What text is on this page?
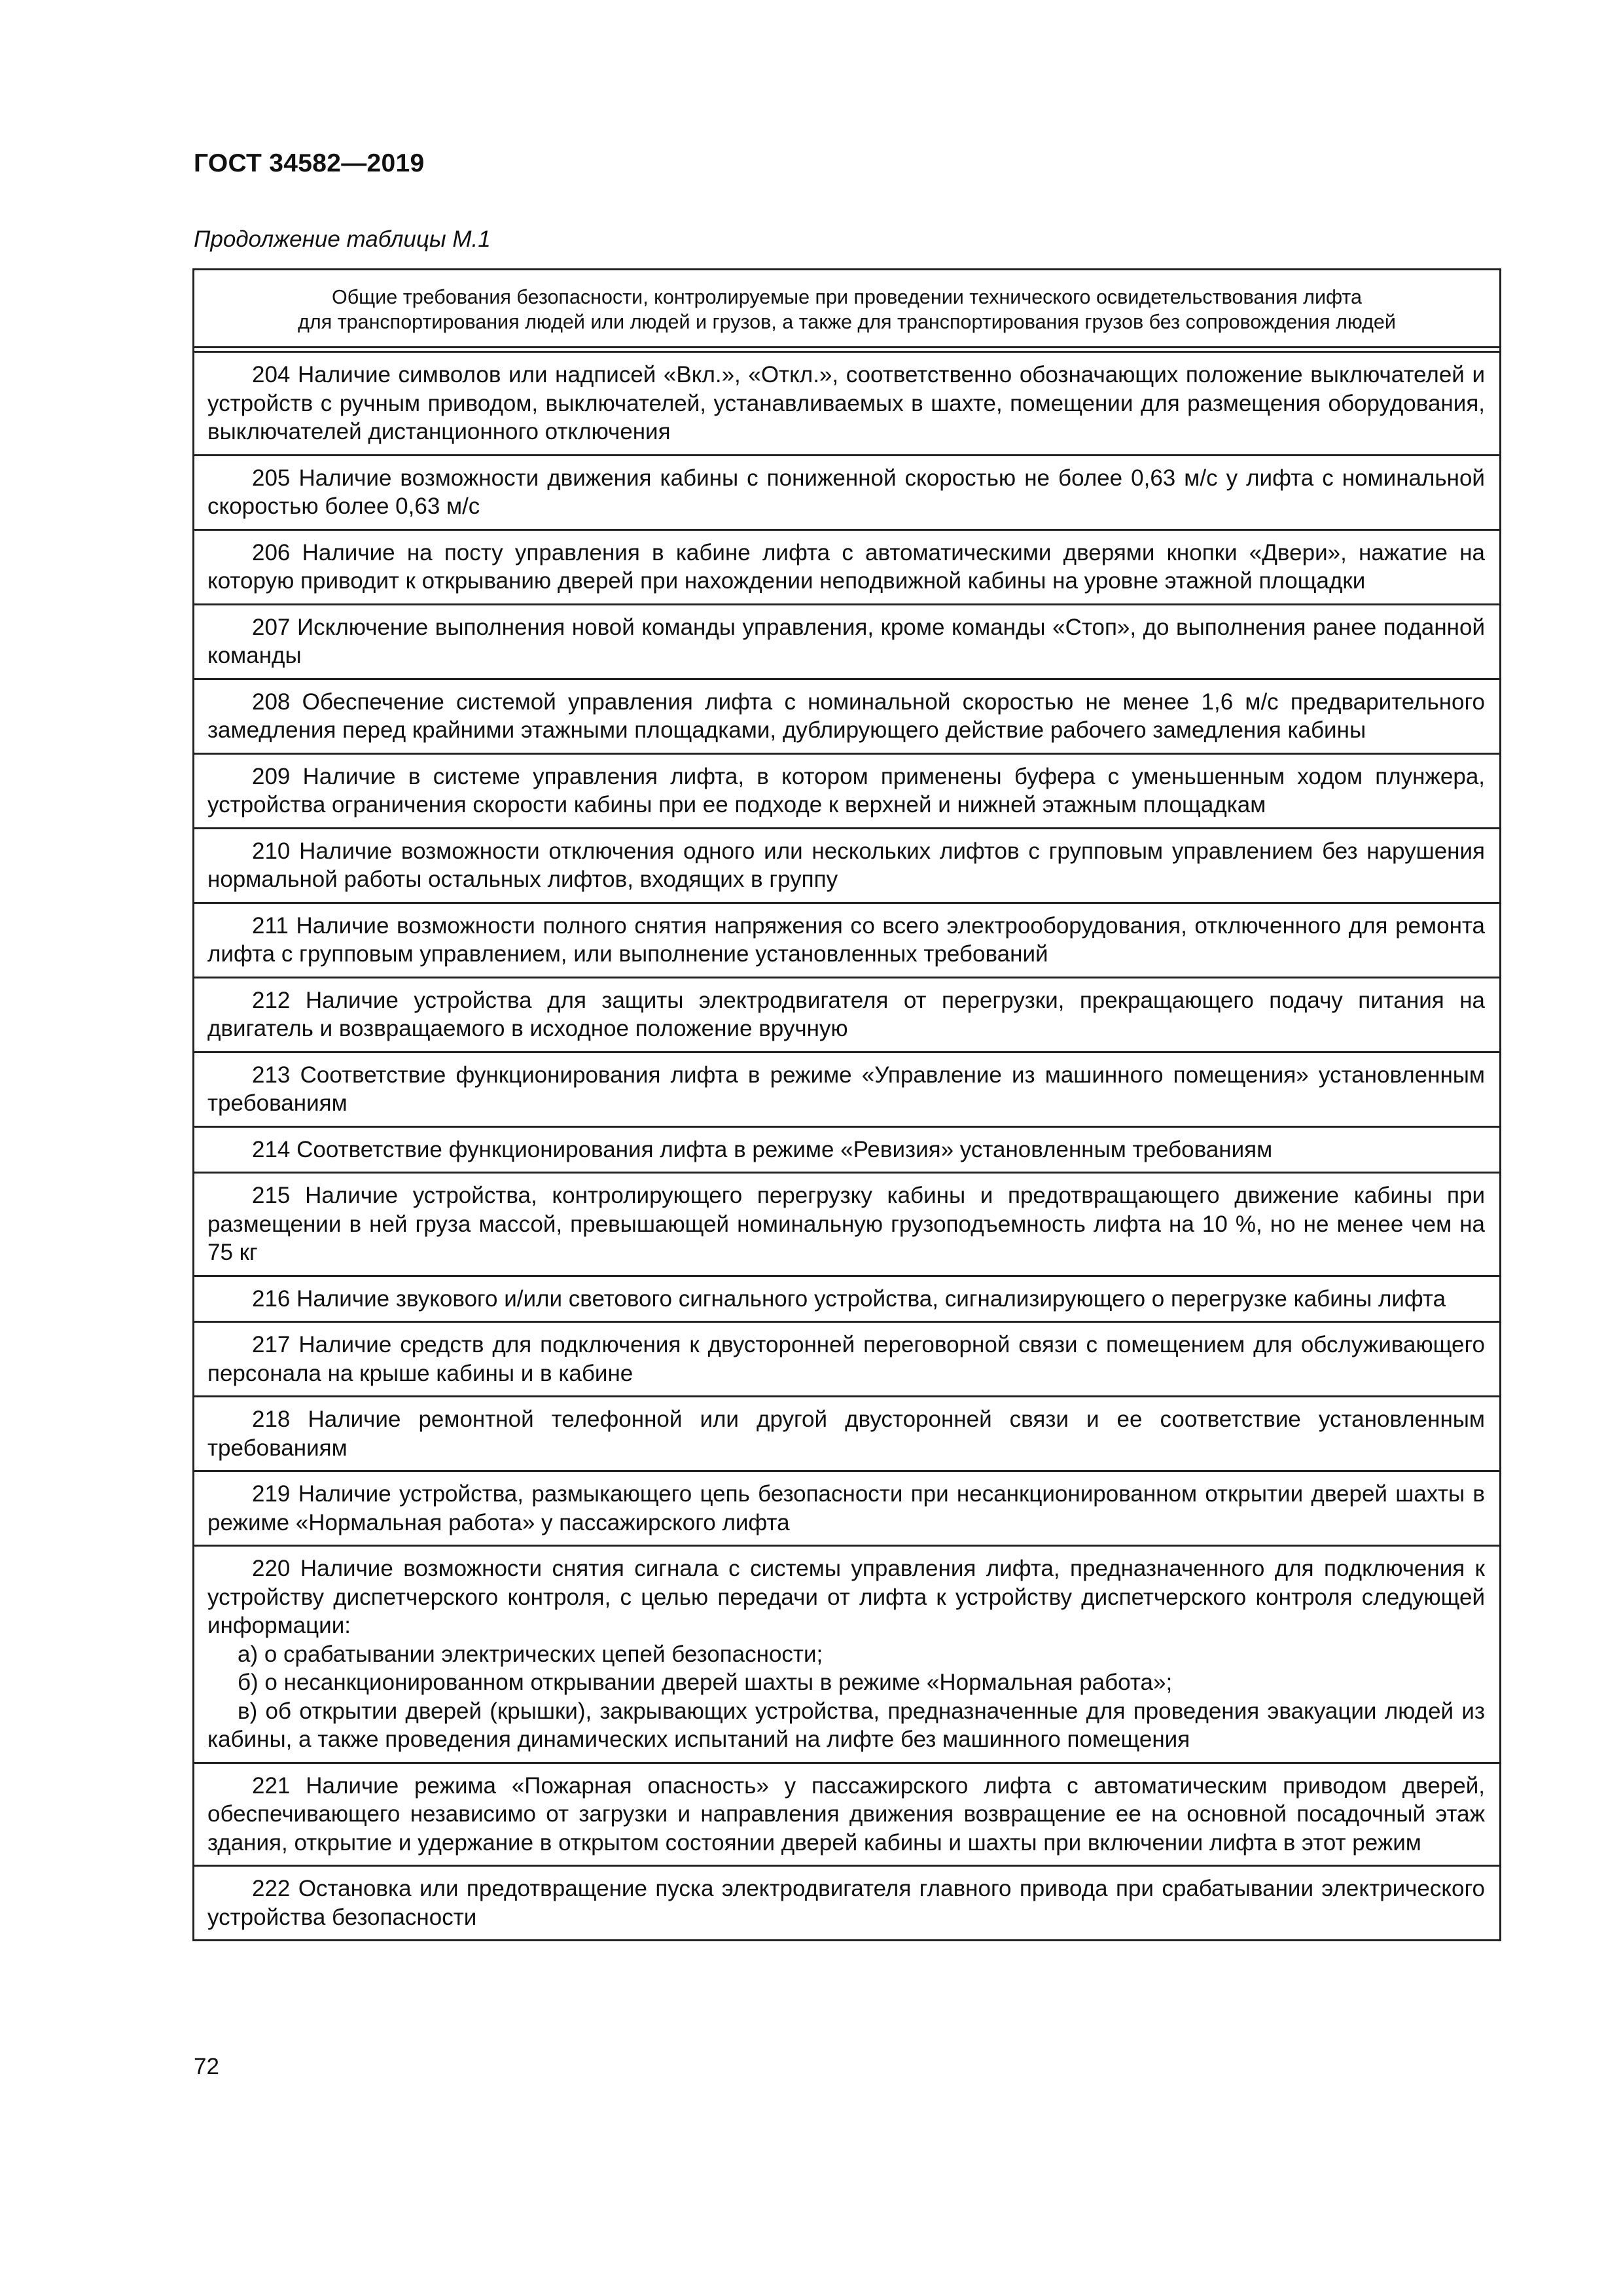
ГОСТ 34582—2019
Продолжение таблицы М.1
Общие требования безопасности, контролируемые при проведении технического освидетельствования лифта
для транспортирования людей или людей и грузов, а также для транспортирования грузов без сопровождения людей
204 Наличие символов или надписей «Вкл.», «Откл.», соответственно обозначающих положение выключателей и устройств с ручным приводом, выключателей, устанавливаемых в шахте, помещении для размещения оборудования, выключателей дистанционного отключения
205 Наличие возможности движения кабины с пониженной скоростью не более 0,63 м/с у лифта с номинальной скоростью более 0,63 м/с
206 Наличие на посту управления в кабине лифта с автоматическими дверями кнопки «Двери», нажатие на которую приводит к открыванию дверей при нахождении неподвижной кабины на уровне этажной площадки
207 Исключение выполнения новой команды управления, кроме команды «Стоп», до выполнения ранее поданной команды
208 Обеспечение системой управления лифта с номинальной скоростью не менее 1,6 м/с предварительного замедления перед крайними этажными площадками, дублирующего действие рабочего замедления кабины
209 Наличие в системе управления лифта, в котором применены буфера с уменьшенным ходом плунжера, устройства ограничения скорости кабины при ее подходе к верхней и нижней этажным площадкам
210 Наличие возможности отключения одного или нескольких лифтов с групповым управлением без нарушения нормальной работы остальных лифтов, входящих в группу
211 Наличие возможности полного снятия напряжения со всего электрооборудования, отключенного для ремонта лифта с групповым управлением, или выполнение установленных требований
212 Наличие устройства для защиты электродвигателя от перегрузки, прекращающего подачу питания на двигатель и возвращаемого в исходное положение вручную
213 Соответствие функционирования лифта в режиме «Управление из машинного помещения» установленным требованиям
214 Соответствие функционирования лифта в режиме «Ревизия» установленным требованиям
215 Наличие устройства, контролирующего перегрузку кабины и предотвращающего движение кабины при размещении в ней груза массой, превышающей номинальную грузоподъемность лифта на 10 %, но не менее чем на 75 кг
216 Наличие звукового и/или светового сигнального устройства, сигнализирующего о перегрузке кабины лифта
217 Наличие средств для подключения к двусторонней переговорной связи с помещением для обслуживающего персонала на крыше кабины и в кабине
218 Наличие ремонтной телефонной или другой двусторонней связи и ее соответствие установленным требованиям
219 Наличие устройства, размыкающего цепь безопасности при несанкционированном открытии дверей шахты в режиме «Нормальная работа» у пассажирского лифта
220 Наличие возможности снятия сигнала с системы управления лифта, предназначенного для подключения к устройству диспетчерского контроля, с целью передачи от лифта к устройству диспетчерского контроля следующей информации:
а) о срабатывании электрических цепей безопасности;
б) о несанкционированном открывании дверей шахты в режиме «Нормальная работа»;
в) об открытии дверей (крышки), закрывающих устройства, предназначенные для проведения эвакуации людей из кабины, а также проведения динамических испытаний на лифте без машинного помещения
221 Наличие режима «Пожарная опасность» у пассажирского лифта с автоматическим приводом дверей, обеспечивающего независимо от загрузки и направления движения возвращение ее на основной посадочный этаж здания, открытие и удержание в открытом состоянии дверей кабины и шахты при включении лифта в этот режим
222 Остановка или предотвращение пуска электродвигателя главного привода при срабатывании электрического устройства безопасности
72
